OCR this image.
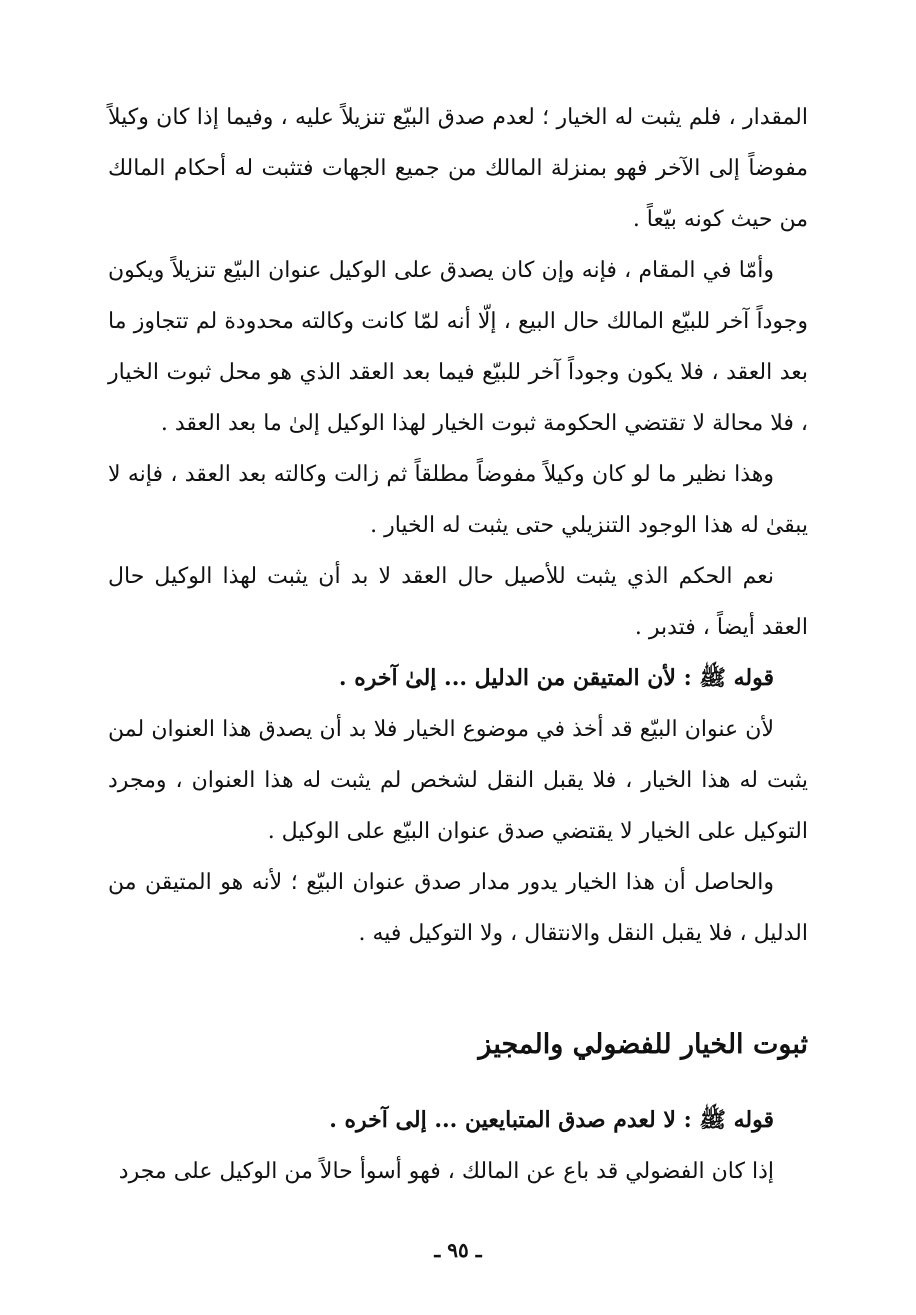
المقدار ، فلم يثبت له الخيار ؛ لعدم صدق البيّع تنزيلاً عليه ، وفيما إذا كان وكيلاً مفوضاً إلى الآخر فهو بمنزلة المالك من جميع الجهات فتثبت له أحكام المالك من حيث كونه بيّعاً .

وأمّا في المقام ، فإنه وإن كان يصدق على الوكيل عنوان البيّع تنزيلاً ويكون وجوداً آخر للبيّع المالك حال البيع ، إلّا أنه لمّا كانت وكالته محدودة لم تتجاوز ما بعد العقد ، فلا يكون وجوداً آخر للبيّع فيما بعد العقد الذي هو محل ثبوت الخيار ، فلا محالة لا تقتضي الحكومة ثبوت الخيار لهذا الوكيل إلىٰ ما بعد العقد .

وهذا نظير ما لو كان وكيلاً مفوضاً مطلقاً ثم زالت وكالته بعد العقد ، فإنه لا يبقىٰ له هذا الوجود التنزيلي حتى يثبت له الخيار .

نعم الحكم الذي يثبت للأصيل حال العقد لا بد أن يثبت لهذا الوكيل حال العقد أيضاً ، فتدبر .

قوله ﷺ : لأن المتيقن من الدليل ... إلىٰ آخره .

لأن عنوان البيّع قد أخذ في موضوع الخيار فلا بد أن يصدق هذا العنوان لمن يثبت له هذا الخيار ، فلا يقبل النقل لشخص لم يثبت له هذا العنوان ، ومجرد التوكيل على الخيار لا يقتضي صدق عنوان البيّع على الوكيل .

والحاصل أن هذا الخيار يدور مدار صدق عنوان البيّع ؛ لأنه هو المتيقن من الدليل ، فلا يقبل النقل والانتقال ، ولا التوكيل فيه .

ثبوت الخيار للفضولي والمجيز

قوله ﷺ : لا لعدم صدق المتبايعين ... إلى آخره .

إذا كان الفضولي قد باع عن المالك ، فهو أسوأ حالاً من الوكيل على مجرد

ـ ٩٥ ـ
